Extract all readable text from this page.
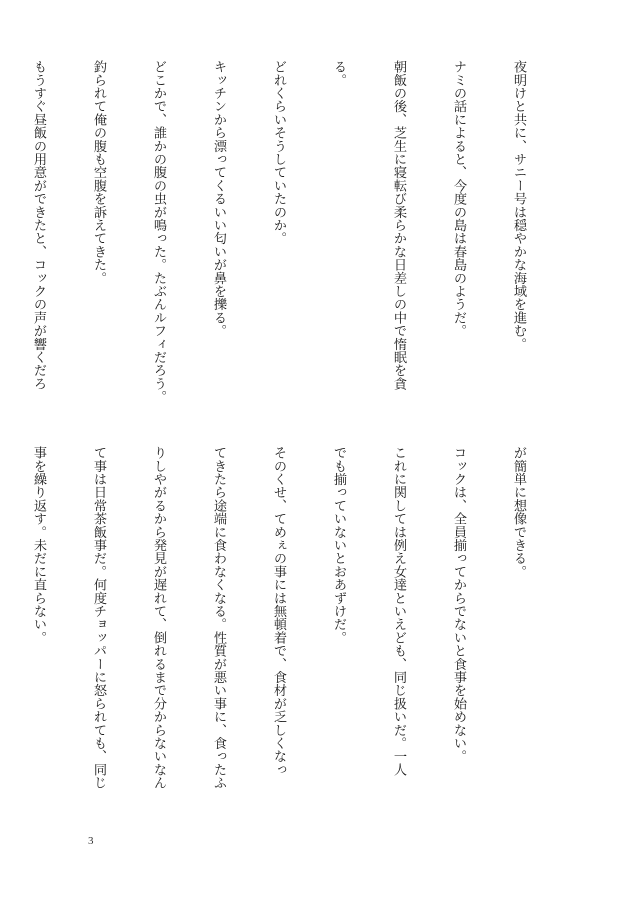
夜明けと共に、サニー号は穏やかな海域を進む。

ナミの話によると、今度の島は春島のようだ。

朝飯の後、芝生に寝転び柔らかな日差しの中で惰眠を貪

る。

どれくらいそうしていたのか。

キッチンから漂ってくるいい匂いが鼻を擽る。

どこかで、誰かの腹の虫が鳴った。たぶんルフィだろう。

釣られて俺の腹も空腹を訴えてきた。

もうすぐ昼飯の用意ができたと、コックの声が響くだろ

が簡単に想像できる。

コックは、全員揃ってからでないと食事を始めない。

これに関しては例え女達といえども、同じ扱いだ。一人

でも揃っていないとおあずけだ。

そのくせ、てめぇの事には無頓着で、食材が乏しくなっ

てきたら途端に食わなくなる。性質が悪い事に、食ったふ

りしやがるから発見が遅れて、倒れるまで分からないなん

て事は日常茶飯事だ。何度チョッパーに怒られても、同じ

事を繰り返す。未だに直らない。

3
